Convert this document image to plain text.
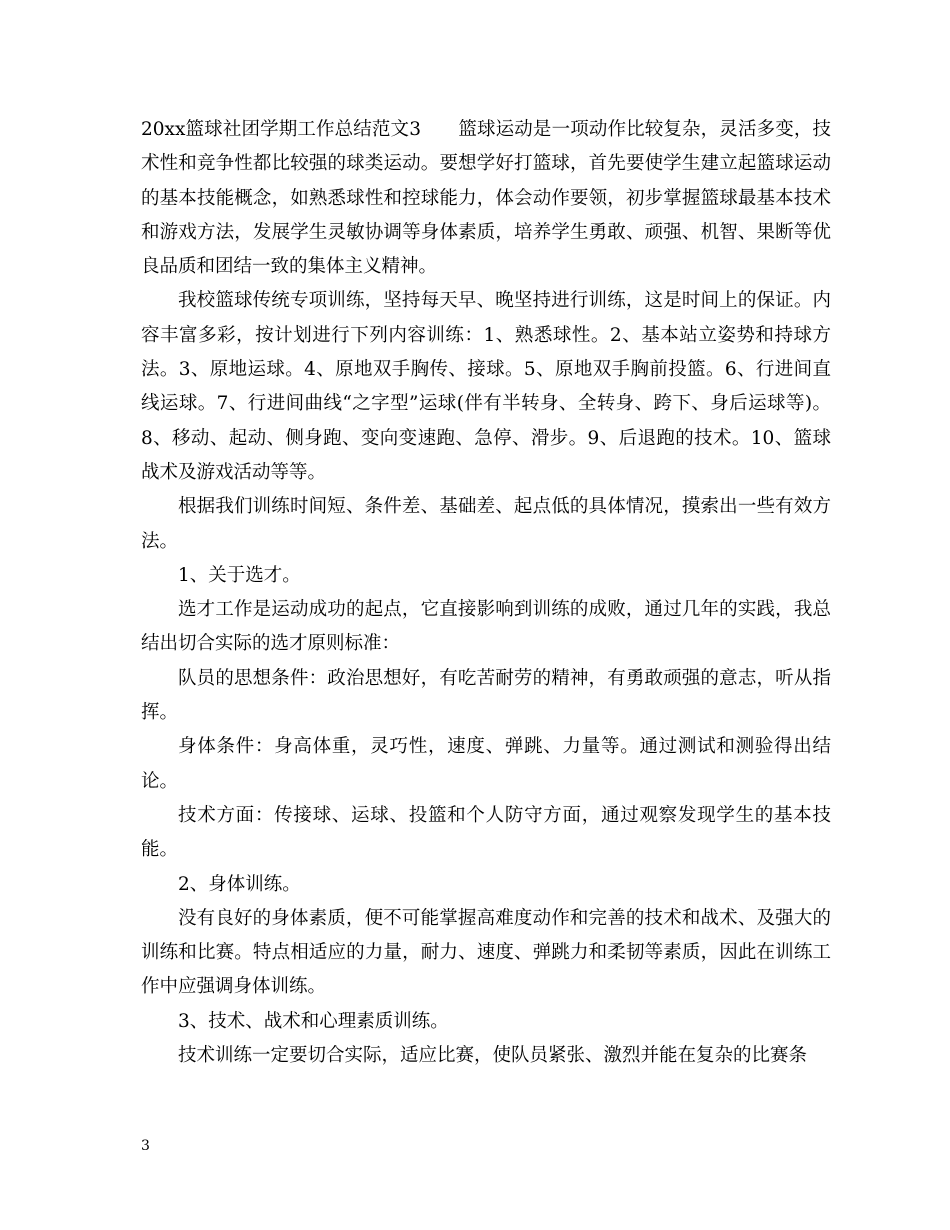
20xx篮球社团学期工作总结范文3　　篮球运动是一项动作比较复杂，灵活多变，技术性和竞争性都比较强的球类运动。要想学好打篮球，首先要使学生建立起篮球运动的基本技能概念，如熟悉球性和控球能力，体会动作要领，初步掌握篮球最基本技术和游戏方法，发展学生灵敏协调等身体素质，培养学生勇敢、顽强、机智、果断等优良品质和团结一致的集体主义精神。

我校篮球传统专项训练，坚持每天早、晚坚持进行训练，这是时间上的保证。内容丰富多彩，按计划进行下列内容训练：1、熟悉球性。2、基本站立姿势和持球方法。3、原地运球。4、原地双手胸传、接球。5、原地双手胸前投篮。6、行进间直线运球。7、行进间曲线“之字型”运球(伴有半转身、全转身、跨下、身后运球等)。8、移动、起动、侧身跑、变向变速跑、急停、滑步。9、后退跑的技术。10、篮球战术及游戏活动等等。

根据我们训练时间短、条件差、基础差、起点低的具体情况，摸索出一些有效方法。

1、关于选才。

选才工作是运动成功的起点，它直接影响到训练的成败，通过几年的实践，我总结出切合实际的选才原则标准：

队员的思想条件：政治思想好，有吃苦耐劳的精神，有勇敢顽强的意志，听从指挥。

身体条件：身高体重，灵巧性，速度、弹跳、力量等。通过测试和测验得出结论。

技术方面：传接球、运球、投篮和个人防守方面，通过观察发现学生的基本技能。

2、身体训练。

没有良好的身体素质，便不可能掌握高难度动作和完善的技术和战术、及强大的训练和比赛。特点相适应的力量，耐力、速度、弹跳力和柔韧等素质，因此在训练工作中应强调身体训练。

3、技术、战术和心理素质训练。

技术训练一定要切合实际，适应比赛，使队员紧张、激烈并能在复杂的比赛条

3
